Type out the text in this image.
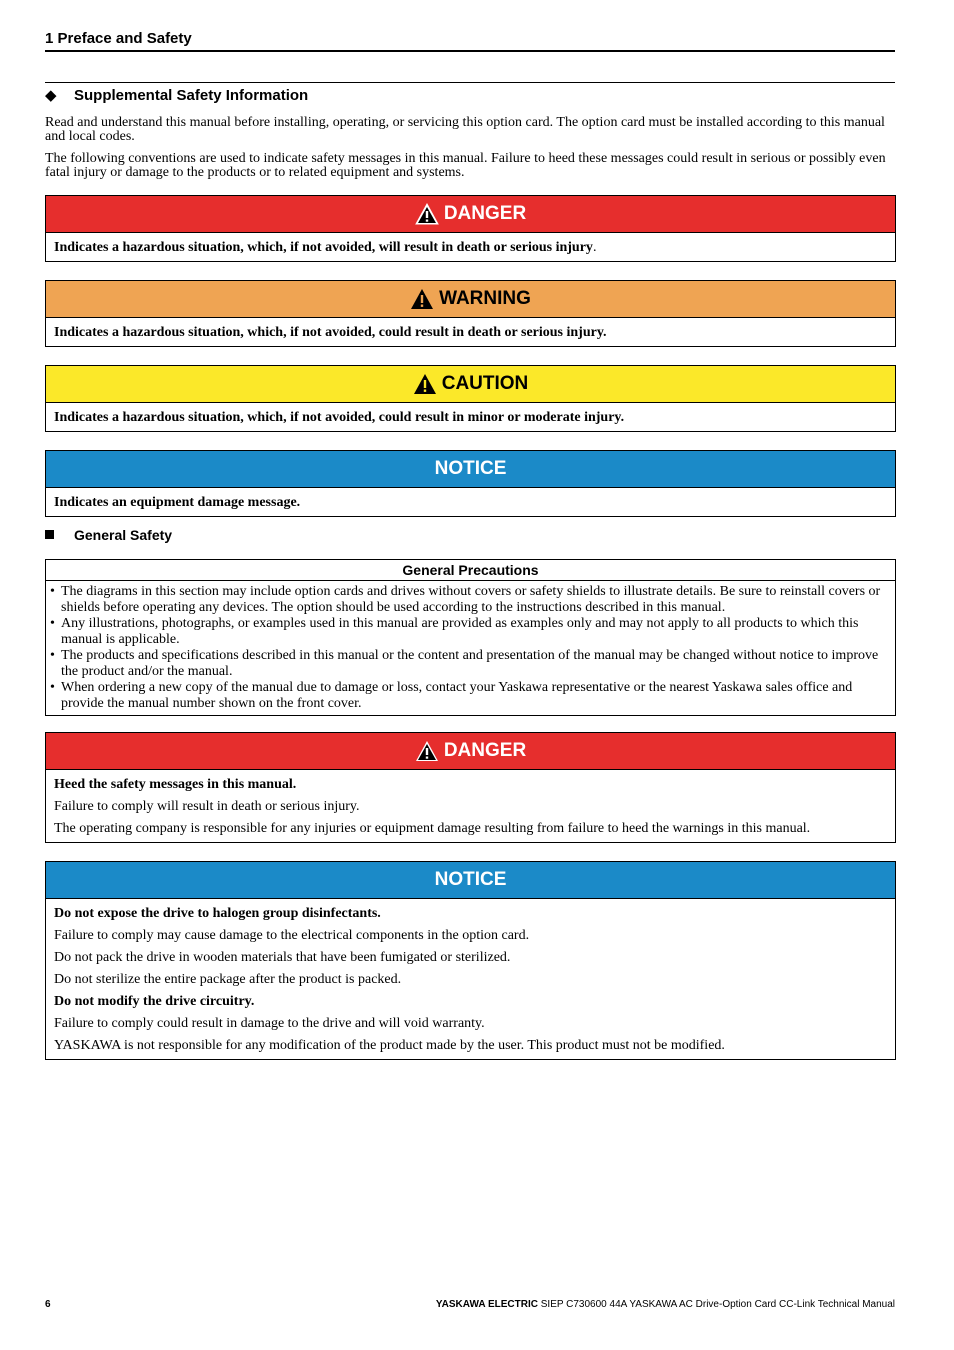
1 Preface and Safety
◆ Supplemental Safety Information
Read and understand this manual before installing, operating, or servicing this option card. The option card must be installed according to this manual and local codes.
The following conventions are used to indicate safety messages in this manual. Failure to heed these messages could result in serious or possibly even fatal injury or damage to the products or to related equipment and systems.
DANGER
Indicates a hazardous situation, which, if not avoided, will result in death or serious injury.
WARNING
Indicates a hazardous situation, which, if not avoided, could result in death or serious injury.
CAUTION
Indicates a hazardous situation, which, if not avoided, could result in minor or moderate injury.
NOTICE
Indicates an equipment damage message.
General Safety
General Precautions
• The diagrams in this section may include option cards and drives without covers or safety shields to illustrate details. Be sure to reinstall covers or shields before operating any devices. The option should be used according to the instructions described in this manual.
• Any illustrations, photographs, or examples used in this manual are provided as examples only and may not apply to all products to which this manual is applicable.
• The products and specifications described in this manual or the content and presentation of the manual may be changed without notice to improve the product and/or the manual.
• When ordering a new copy of the manual due to damage or loss, contact your Yaskawa representative or the nearest Yaskawa sales office and provide the manual number shown on the front cover.
DANGER

Heed the safety messages in this manual.

Failure to comply will result in death or serious injury.

The operating company is responsible for any injuries or equipment damage resulting from failure to heed the warnings in this manual.

NOTICE

Do not expose the drive to halogen group disinfectants.

Failure to comply may cause damage to the electrical components in the option card.

Do not pack the drive in wooden materials that have been fumigated or sterilized.

Do not sterilize the entire package after the product is packed.

Do not modify the drive circuitry.

Failure to comply could result in damage to the drive and will void warranty.

YASKAWA is not responsible for any modification of the product made by the user. This product must not be modified.

6	YASKAWA ELECTRIC SIEP C730600 44A YASKAWA AC Drive-Option Card CC-Link Technical Manual
